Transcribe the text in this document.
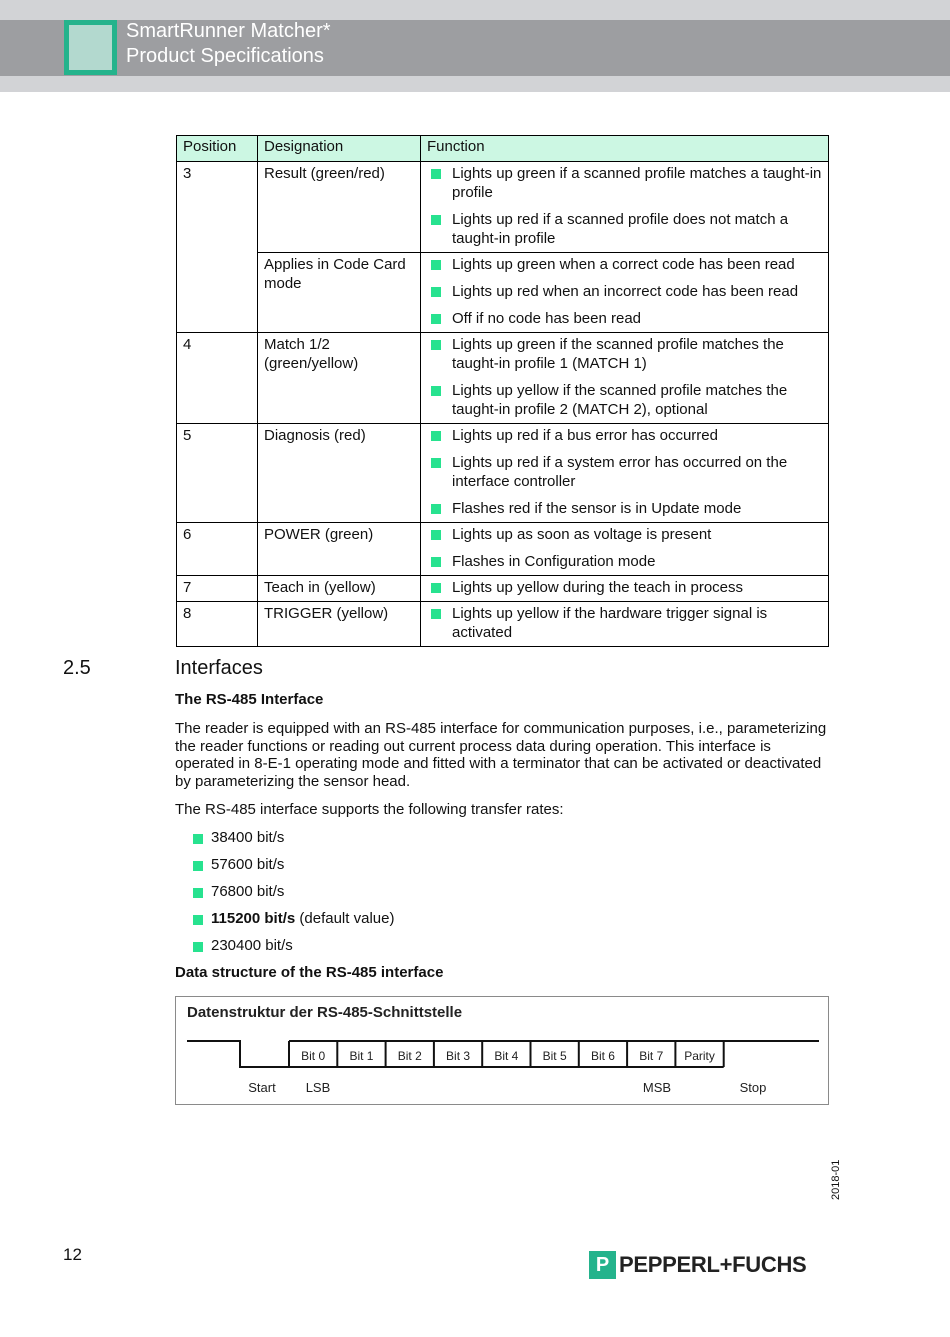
SmartRunner Matcher*
Product Specifications
Position	Designation	Function
3	Result (green/red)	Lights up green if a scanned profile matches a taught-in profile
Lights up red if a scanned profile does not match a taught-in profile

	Applies in Code Card mode	Lights up green when a correct code has been read
Lights up red when an incorrect code has been read
Off if no code has been read

4	Match 1/2 (green/yellow)	Lights up green if the scanned profile matches the taught-in profile 1 (MATCH 1)
Lights up yellow if the scanned profile matches the taught-in profile 2 (MATCH 2), optional

5	Diagnosis (red)	Lights up red if a bus error has occurred
Lights up red if a system error has occurred on the interface controller
Flashes red if the sensor is in Update mode

6	POWER (green)	Lights up as soon as voltage is present
Flashes in Configuration mode

7	Teach in (yellow)	Lights up yellow during the teach in process

8	TRIGGER (yellow)	Lights up yellow if the hardware trigger signal is activated
2.5	Interfaces
The RS-485 Interface
The reader is equipped with an RS-485 interface for communication purposes, i.e., parameterizing the reader functions or reading out current process data during operation. This interface is operated in 8-E-1 operating mode and fitted with a terminator that can be activated or deactivated by parameterizing the sensor head.
The RS-485 interface supports the following transfer rates:
38400 bit/s
57600 bit/s
76800 bit/s
115200 bit/s (default value)
230400 bit/s
Data structure of the RS-485 interface
Datenstruktur der RS-485-Schnittstelle
Bit 0 Bit 1 Bit 2 Bit 3 Bit 4 Bit 5 Bit 6 Bit 7 Parity
Start LSB	MSB	Stop
12
2018-01
P PEPPERL+FUCHS
